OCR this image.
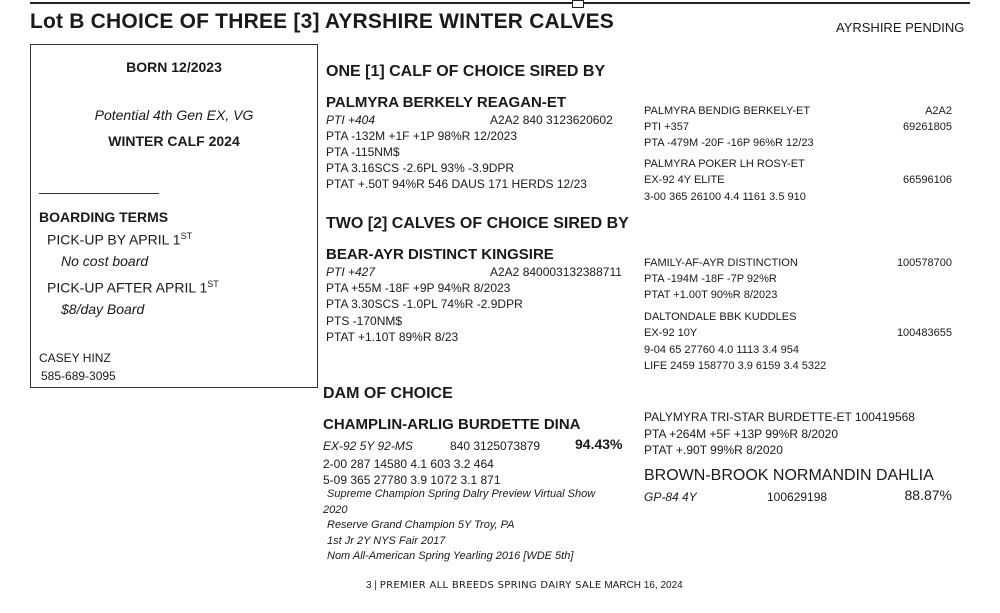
Lot B CHOICE OF THREE [3] AYRSHIRE WINTER CALVES	AYRSHIRE PENDING
BORN 12/2023
Potential 4th Gen EX, VG
WINTER CALF 2024
BOARDING TERMS
PICK-UP BY APRIL 1ST
No cost board
PICK-UP AFTER APRIL 1ST
$8/day Board
CASEY HINZ
585-689-3095
ONE [1] CALF OF CHOICE SIRED BY
PALMYRA BERKELY REAGAN-ET
PTI +404	A2A2 840 3123620602
PTA -132M +1F +1P 98%R 12/2023
PTA -115NM$
PTA 3.16SCS -2.6PL 93% -3.9DPR
PTAT +.50T 94%R 546 DAUS 171 HERDS 12/23
PALMYRA BENDIG BERKELY-ET	A2A2
PTI +357	69261805
PTA -479M -20F -16P 96%R 12/23
PALMYRA POKER LH ROSY-ET
EX-92 4Y ELITE	66596106
3-00 365 26100 4.4 1161 3.5 910
TWO [2] CALVES OF CHOICE SIRED BY
BEAR-AYR DISTINCT KINGSIRE
PTI +427	A2A2 840003132388711
PTA +55M -18F +9P 94%R 8/2023
PTA 3.30SCS -1.0PL 74%R -2.9DPR
PTS -170NM$
PTAT +1.10T 89%R 8/23
FAMILY-AF-AYR DISTINCTION	100578700
PTA -194M -18F -7P 92%R
PTAT +1.00T 90%R 8/2023
DALTONDALE BBK KUDDLES
EX-92 10Y	100483655
9-04 65 27760 4.0 1113 3.4 954
LIFE 2459 158770 3.9 6159 3.4 5322
DAM OF CHOICE
CHAMPLIN-ARLIG BURDETTE DINA
EX-92 5Y 92-MS	840 3125073879 94.43%
2-00 287 14580 4.1 603 3.2 464
5-09 365 27780 3.9 1072 3.1 871
Supreme Champion Spring Dalry Preview Virtual Show
2020
Reserve Grand Champion 5Y Troy, PA
1st Jr 2Y NYS Fair 2017
Nom All-American Spring Yearling 2016 [WDE 5th]
PALYMYRA TRI-STAR BURDETTE-ET 100419568
PTA +264M +5F +13P 99%R 8/2020
PTAT +.90T 99%R 8/2020
BROWN-BROOK NORMANDIN DAHLIA
GP-84 4Y	100629198	88.87%
3 | PREMIER ALL BREEDS SPRING DAIRY SALE MARCH 16, 2024
